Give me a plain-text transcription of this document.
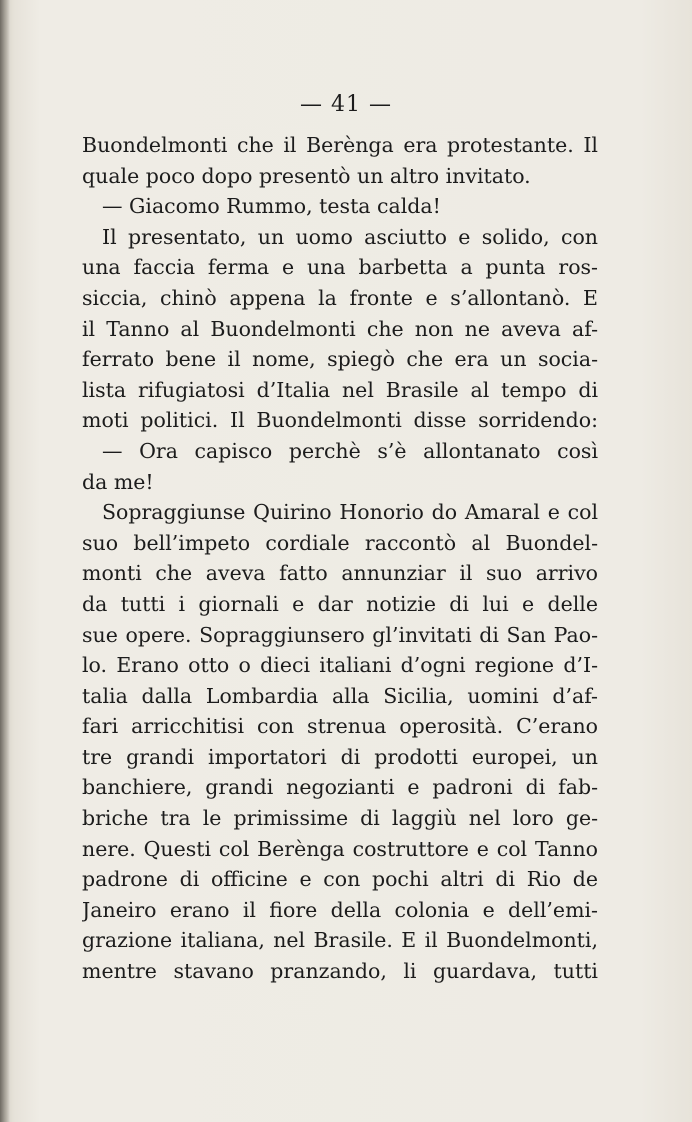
— 41 —
Buondelmonti che il Berènga era protestante. Il
quale poco dopo presentò un altro invitato.
— Giacomo Rummo, testa calda!
Il presentato, un uomo asciutto e solido, con
una faccia ferma e una barbetta a punta ros-
siccia, chinò appena la fronte e s’allontanò. E
il Tanno al Buondelmonti che non ne aveva af-
ferrato bene il nome, spiegò che era un socia-
lista rifugiatosi d’Italia nel Brasile al tempo di
moti politici. Il Buondelmonti disse sorridendo:
— Ora capisco perchè s’è allontanato così
da me!
Sopraggiunse Quirino Honorio do Amaral e col
suo bell’impeto cordiale raccontò al Buondel-
monti che aveva fatto annunziar il suo arrivo
da tutti i giornali e dar notizie di lui e delle
sue opere. Sopraggiunsero gl’invitati di San Pao-
lo. Erano otto o dieci italiani d’ogni regione d’I-
talia dalla Lombardia alla Sicilia, uomini d’af-
fari arricchitisi con strenua operosità. C’erano
tre grandi importatori di prodotti europei, un
banchiere, grandi negozianti e padroni di fab-
briche tra le primissime di laggiù nel loro ge-
nere. Questi col Berènga costruttore e col Tanno
padrone di officine e con pochi altri di Rio de
Janeiro erano il fiore della colonia e dell’emi-
grazione italiana, nel Brasile. E il Buondelmonti,
mentre stavano pranzando, li guardava, tutti
